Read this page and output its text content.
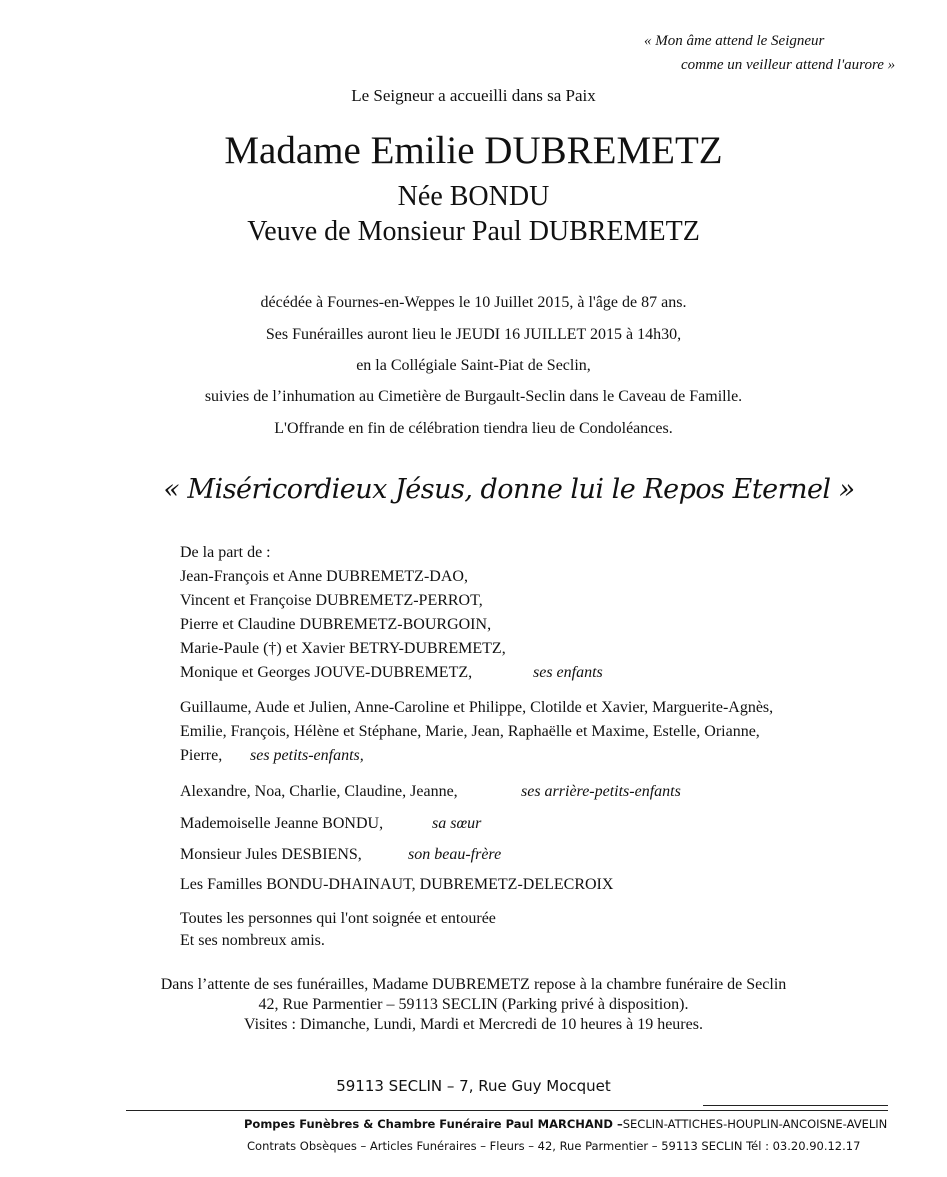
« Mon âme attend le Seigneur
comme un veilleur attend l'aurore »
Le Seigneur a accueilli dans sa Paix
Madame Emilie DUBREMETZ
Née BONDU
Veuve de Monsieur Paul DUBREMETZ
décédée à Fournes-en-Weppes le 10 Juillet 2015, à l'âge de 87 ans.
Ses Funérailles auront lieu le JEUDI 16 JUILLET 2015 à 14h30,
en la Collégiale Saint-Piat de Seclin,
suivies de l’inhumation au Cimetière de Burgault-Seclin dans le Caveau de Famille.
L'Offrande en fin de célébration tiendra lieu de Condoléances.
« Miséricordieux Jésus, donne lui le Repos Eternel »
De la part de :
Jean-François et Anne DUBREMETZ-DAO,
Vincent et Françoise DUBREMETZ-PERROT,
Pierre et Claudine DUBREMETZ-BOURGOIN,
Marie-Paule (†) et Xavier BETRY-DUBREMETZ,
Monique et Georges JOUVE-DUBREMETZ,	ses enfants
Guillaume, Aude et Julien, Anne-Caroline et Philippe, Clotilde et Xavier, Marguerite-Agnès,
Emilie, François, Hélène et Stéphane, Marie, Jean, Raphaëlle et Maxime, Estelle, Orianne,
Pierre, ses petits-enfants,
Alexandre, Noa, Charlie, Claudine, Jeanne,	ses arrière-petits-enfants
Mademoiselle Jeanne BONDU,	sa sœur
Monsieur Jules DESBIENS,	son beau-frère
Les Familles BONDU-DHAINAUT, DUBREMETZ-DELECROIX
Toutes les personnes qui l'ont soignée et entourée
Et ses nombreux amis.
Dans l’attente de ses funérailles, Madame DUBREMETZ repose à la chambre funéraire de Seclin
42, Rue Parmentier – 59113 SECLIN (Parking privé à disposition).
Visites : Dimanche, Lundi, Mardi et Mercredi de 10 heures à 19 heures.
59113 SECLIN – 7, Rue Guy Mocquet
Pompes Funèbres & Chambre Funéraire Paul MARCHAND –SECLIN-ATTICHES-HOUPLIN-ANCOISNE-AVELIN
Contrats Obsèques – Articles Funéraires – Fleurs – 42, Rue Parmentier – 59113 SECLIN Tél : 03.20.90.12.17
